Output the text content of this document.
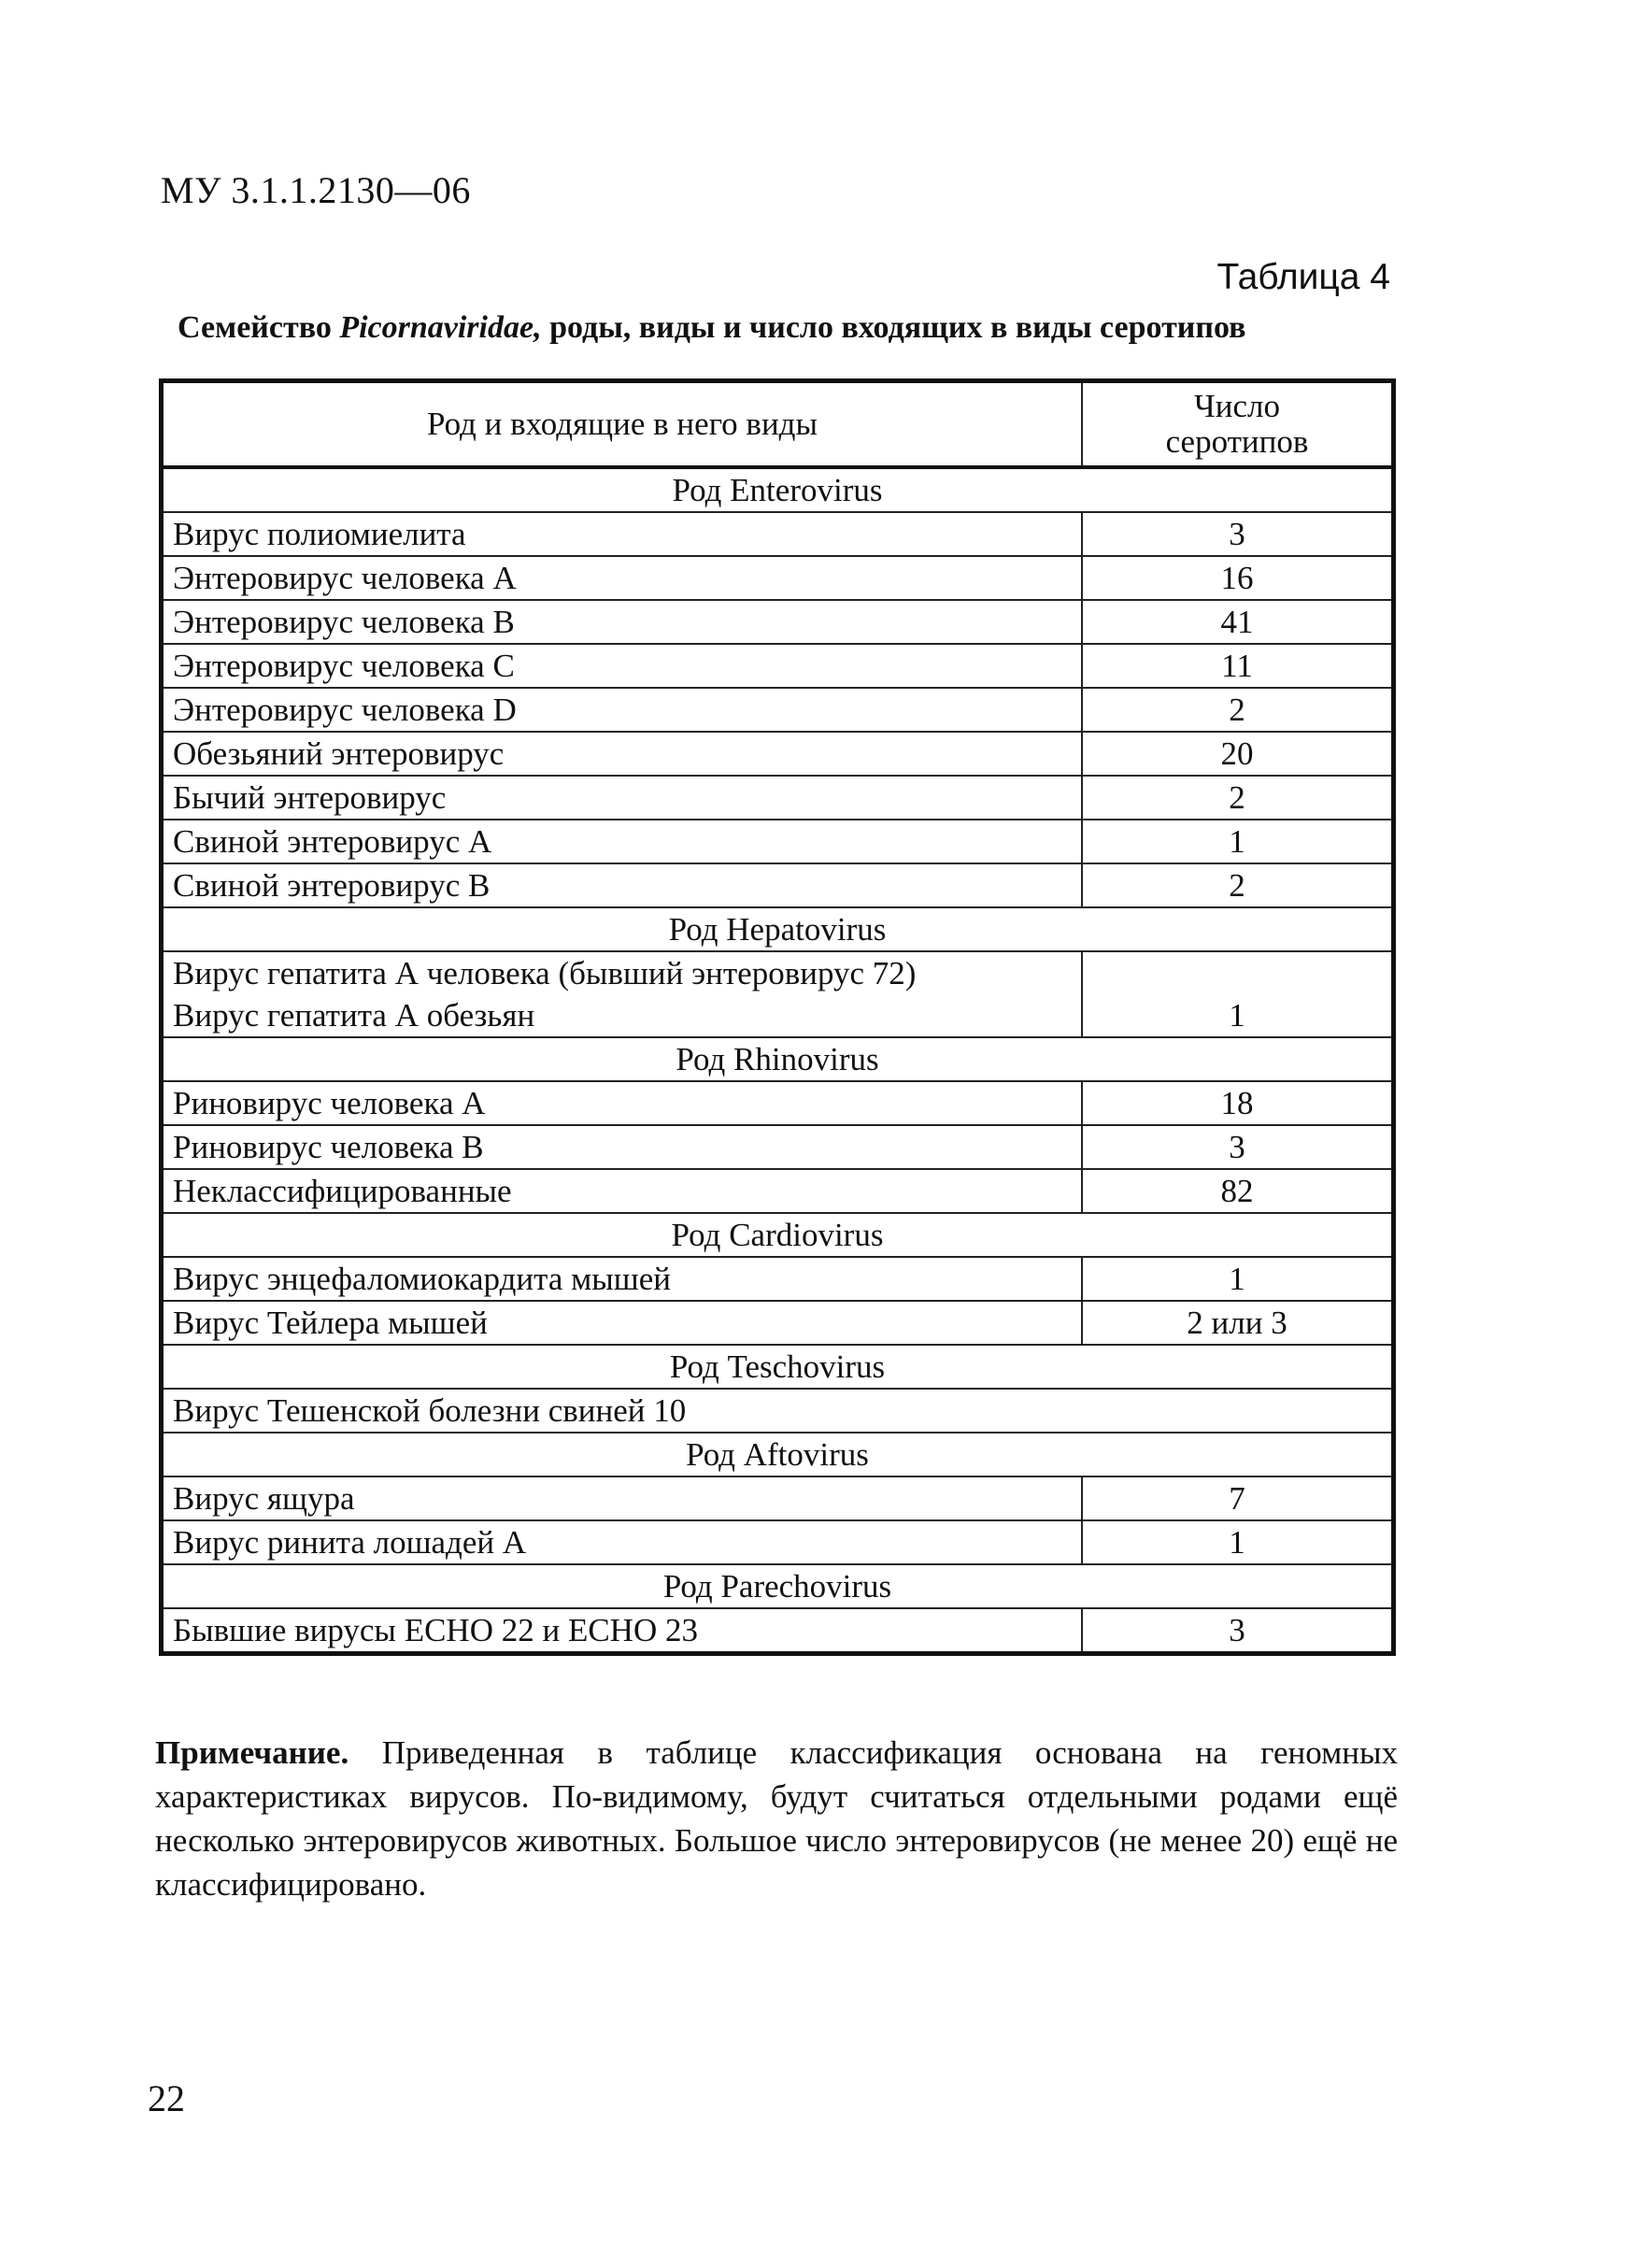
МУ 3.1.1.2130—06
Таблица 4
Семейство Picornaviridae, роды, виды и число входящих в виды серотипов
Род и входящие в него виды	Число
серотипов
Род Enterovirus	
Вирус полиомиелита	3
Энтеровирус человека A	16
Энтеровирус человека B	41
Энтеровирус человека C	11
Энтеровирус человека D	2
Обезьяний энтеровирус	20
Бычий энтеровирус	2
Свиной энтеровирус А	1
Свиной энтеровирус В	2
Род Hepatovirus	

Вирус гепатита А человека (бывший энтеровирус 72)
Вирус гепатита А обезьян	1
Род Rhinovirus	
Риновирус человека А	18
Риновирус человека В	3
Неклассифицированные	82
Род Cardiovirus	
Вирус энцефаломиокардита мышей	1
Вирус Тейлера мышей	2 или 3
Род Teschovirus	
Вирус Тешенской болезни свиней 10	
Род Aftovirus	
Вирус ящура	7
Вирус ринита лошадей А	1
Род Parechovirus	
Бывшие вирусы ECHO 22 и ECHO 23	3
Примечание. Приведенная в таблице классификация основана на геномных характеристиках вирусов. По-видимому, будут считаться отдельными родами ещё несколько энтеровирусов животных. Большое число энтеровирусов (не менее 20) ещё не классифицировано.
22
